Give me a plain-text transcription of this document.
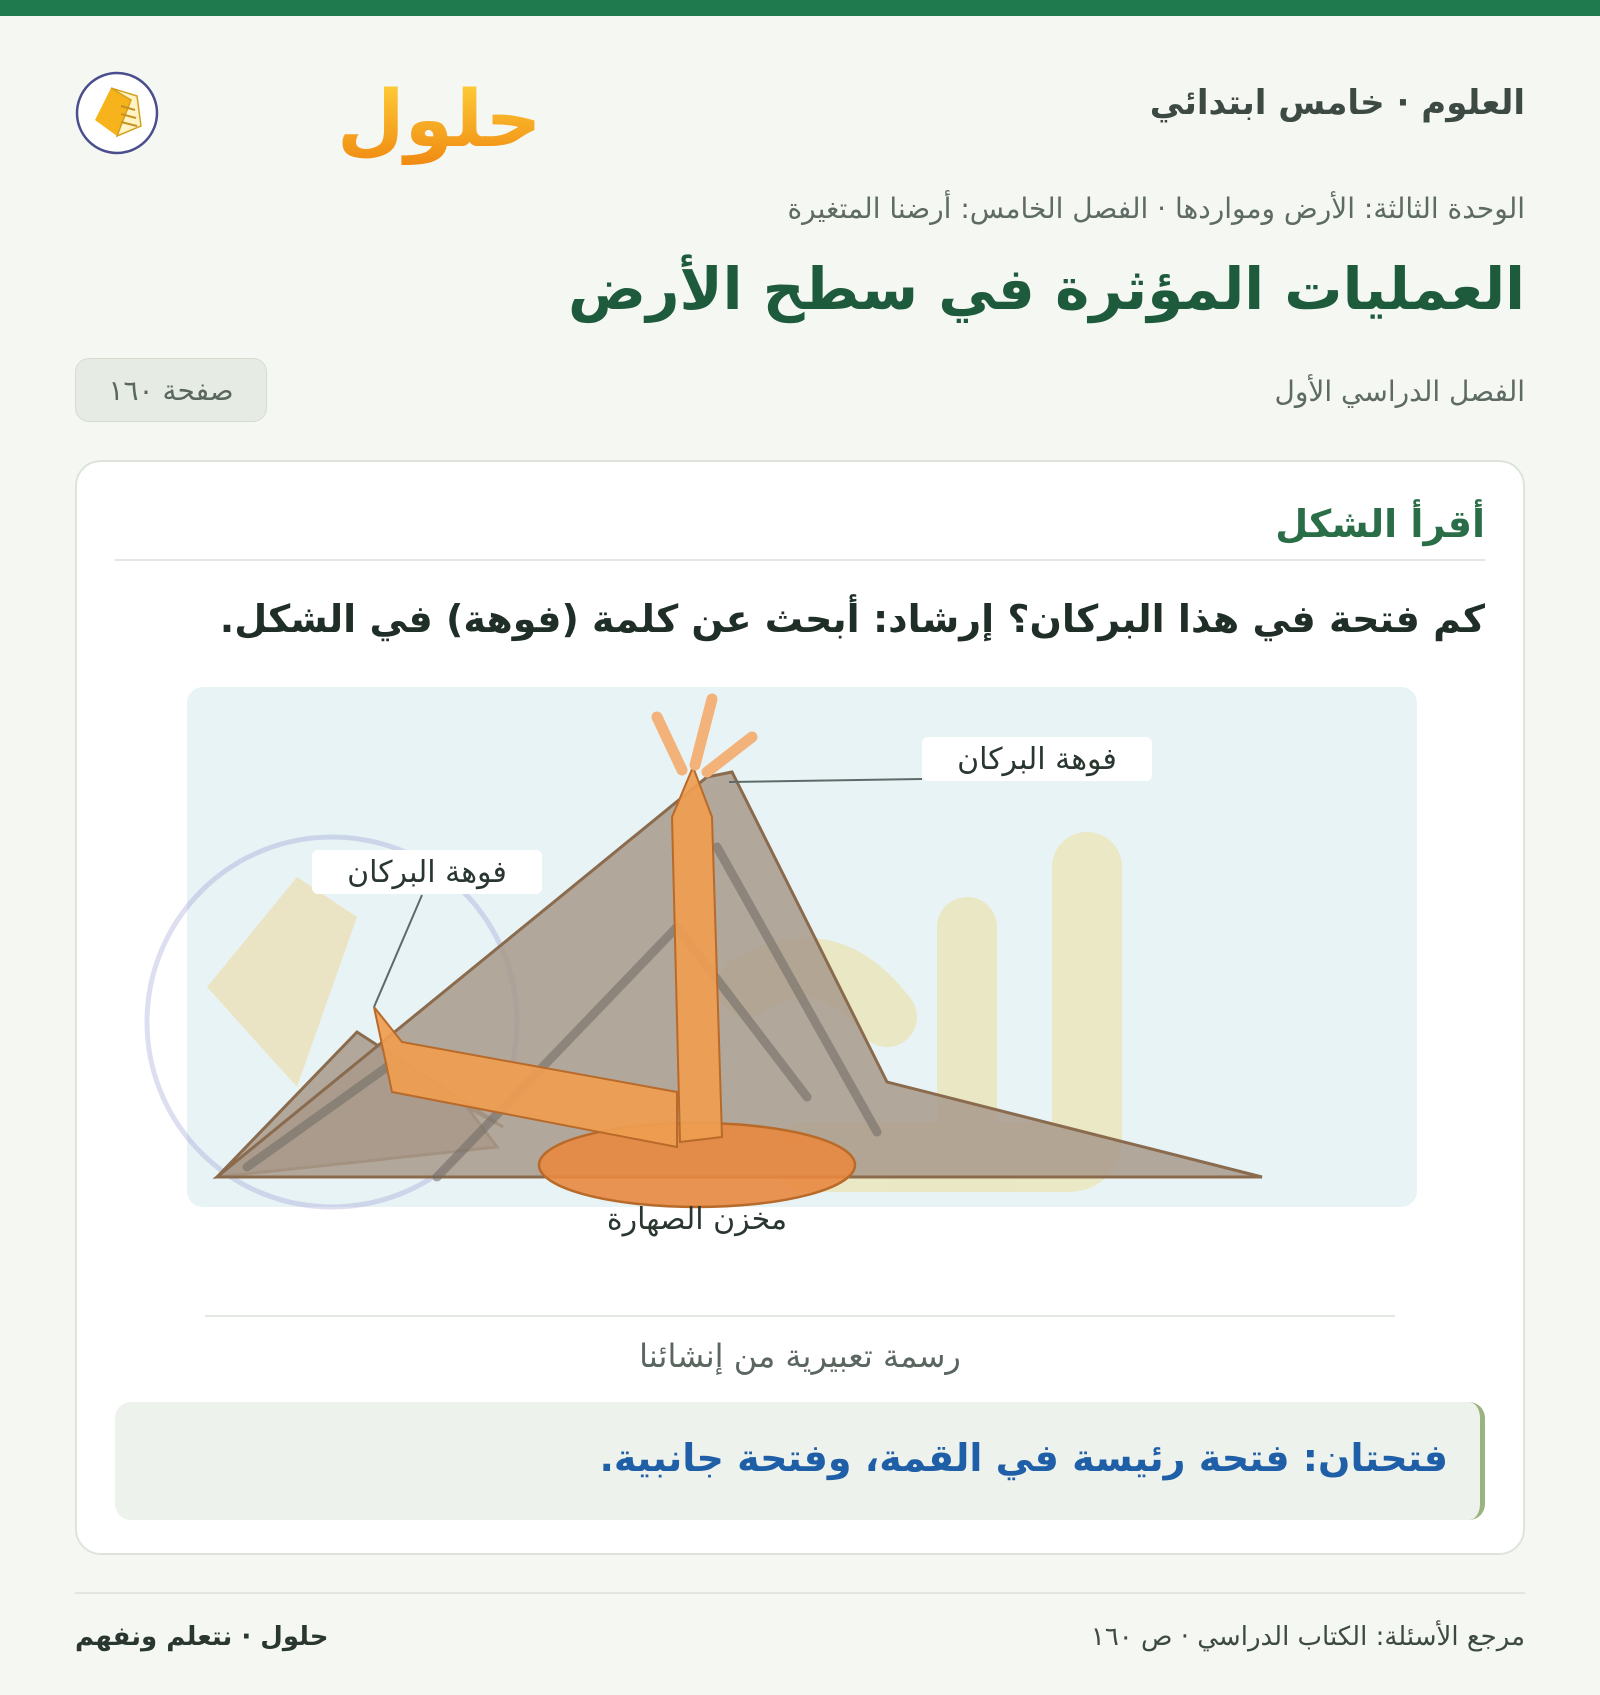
العلوم · خامس ابتدائي
حلول
الوحدة الثالثة: الأرض ومواردها · الفصل الخامس: أرضنا المتغيرة
العمليات المؤثرة في سطح الأرض
الفصل الدراسي الأول
صفحة ١٦٠
أقرأ الشكل
كم فتحة في هذا البركان؟ إرشاد: أبحث عن كلمة (فوهة) في الشكل.
فوهة البركان
فوهة البركان
مخزن الصهارة
رسمة تعبيرية من إنشائنا
فتحتان: فتحة رئيسة في القمة، وفتحة جانبية.
مرجع الأسئلة: الكتاب الدراسي · ص ١٦٠
حلول · نتعلم ونفهم
